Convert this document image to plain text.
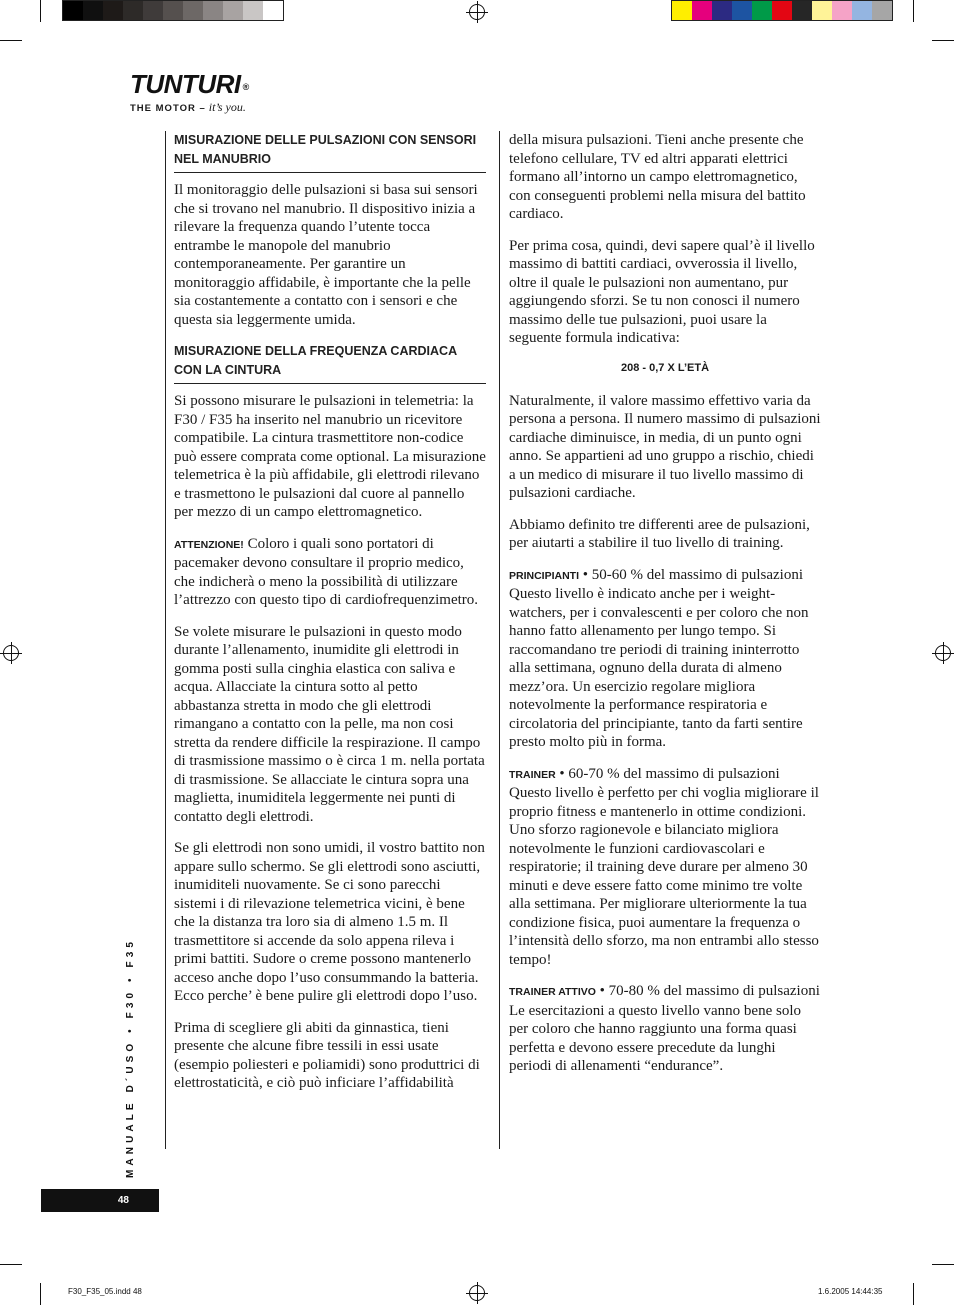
TUNTURI ®
THE MOTOR – it’s you.
MISURAZIONE DELLE PULSAZIONI CON SENSORI NEL MANUBRIO

Il monitoraggio delle pulsazioni si basa sui sensori che si trovano nel manubrio. Il dispositivo inizia a rilevare la frequenza quando l’utente tocca entrambe le manopole del manubrio contemporaneamente. Per garantire un monitoraggio affidabile, è importante che la pelle sia costantemente a contatto con i sensori e che questa sia leggermente umida.

MISURAZIONE DELLA FREQUENZA CARDIACA CON LA CINTURA

Si possono misurare le pulsazioni in telemetria: la F30 / F35 ha inserito nel manubrio un ricevitore compatibile. La cintura trasmettitore non-codice può essere comprata come optional. La misurazione telemetrica è la più affidabile, gli elettrodi rilevano e trasmettono le pulsazioni dal cuore al pannello per mezzo di un campo elettromagnetico.

ATTENZIONE! Coloro i quali sono portatori di pacemaker devono consultare il proprio medico, che indicherà o meno la possibilità di utilizzare l’attrezzo con questo tipo di cardiofrequenzimetro.

Se volete misurare le pulsazioni in questo modo durante l’allenamento, inumidite gli elettrodi in gomma posti sulla cinghia elastica con saliva e acqua. Allacciate la cintura sotto al petto abbastanza stretta in modo che gli elettrodi rimangano a contatto con la pelle, ma non cosi stretta da rendere difficile la respirazione. Il campo di trasmissione massimo o è circa 1 m. nella portata di trasmissione. Se allacciate le cintura sopra una maglietta, inumiditela leggermente nei punti di contatto degli elettrodi.

Se gli elettrodi non sono umidi, il vostro battito non appare sullo schermo. Se gli elettrodi sono asciutti, inumiditeli nuovamente. Se ci sono parecchi sistemi i di rilevazione telemetrica vicini, è bene che la distanza tra loro sia di almeno 1.5 m. Il trasmettitore si accende da solo appena rileva i primi battiti. Sudore o creme possono mantenerlo acceso anche dopo l’uso consummando la batteria. Ecco perche’ è bene pulire gli elettrodi dopo l’uso.

Prima di scegliere gli abiti da ginnastica, tieni presente che alcune fibre tessili in essi usate (esempio poliesteri e poliamidi) sono produttrici di elettrostaticità, e ciò può inficiare l’affidabilità

della misura pulsazioni. Tieni anche presente che telefono cellulare, TV ed altri apparati elettrici formano all’intorno un campo elettromagnetico, con conseguenti problemi nella misura del battito cardiaco.

Per prima cosa, quindi, devi sapere qual’è il livello massimo di battiti cardiaci, ovverossia il livello, oltre il quale le pulsazioni non aumentano, pur aggiungendo sforzi. Se tu non conosci il numero massimo delle tue pulsazioni, puoi usare la seguente formula indicativa:

208 - 0,7 X L’ETÀ

Naturalmente, il valore massimo effettivo varia da persona a persona. Il numero massimo di pulsazioni cardiache diminuisce, in media, di un punto ogni anno. Se appartieni ad uno gruppo a rischio, chiedi a un medico di misurare il tuo livello massimo di pulsazioni cardiache.

Abbiamo definito tre differenti aree de pulsazioni, per aiutarti a stabilire il tuo livello di training.

PRINCIPIANTI • 50-60 % del massimo di pulsazioni
Questo livello è indicato anche per i weight-watchers, per i convalescenti e per coloro che non hanno fatto allenamento per lungo tempo. Si raccomandano tre periodi di training ininterrotto alla settimana, ognuno della durata di almeno mezz’ora. Un esercizio regolare migliora notevolmente la performance respiratoria e circolatoria del principiante, tanto da farti sentire presto molto più in forma.

TRAINER • 60-70 % del massimo di pulsazioni
Questo livello è perfetto per chi voglia migliorare il proprio fitness e mantenerlo in ottime condizioni. Uno sforzo ragionevole e bilanciato migliora notevolmente le funzioni cardiovascolari e respiratorie; il training deve durare per almeno 30 minuti e deve essere fatto come minimo tre volte alla settimana. Per migliorare ulteriormente la tua condizione fisica, puoi aumentare la frequenza o l’intensità dello sforzo, ma non entrambi allo stesso tempo!

TRAINER ATTIVO • 70-80 % del massimo di pulsazioni
Le esercitazioni a questo livello vanno bene solo per coloro che hanno raggiunto una forma quasi perfetta e devono essere precedute da lunghi periodi di allenamenti “endurance”.

MANUALE D´USO • F30 • F35
48
F30_F35_05.indd 48	1.6.2005 14:44:35
